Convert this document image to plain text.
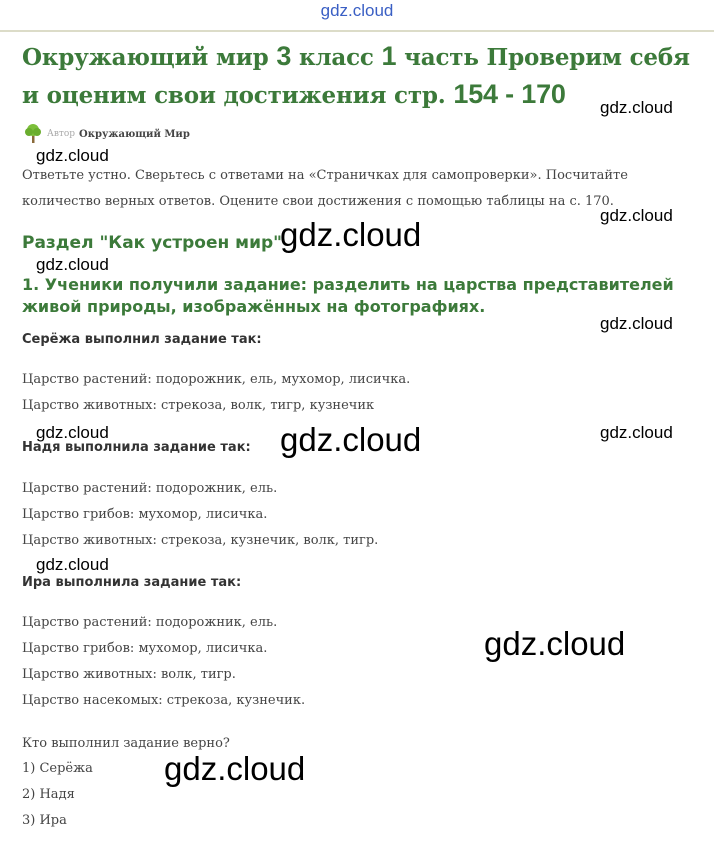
gdz.cloud
Окружающий мир 3 класс 1 часть Проверим себя и оценим свои достижения стр. 154 - 170
Автор Окружающий Мир

Ответьте устно. Сверьтесь с ответами на «Страничках для самопроверки». Посчитайте количество верных ответов. Оцените свои достижения с помощью таблицы на с. 170.

Раздел "Как устроен мир"
1. Ученики получили задание: разделить на царства представителей живой природы, изображённых на фотографиях.

Серёжа выполнил задание так:

Царство растений: подорожник, ель, мухомор, лисичка.

Царство животных: стрекоза, волк, тигр, кузнечик

Надя выполнила задание так:

Царство растений: подорожник, ель.

Царство грибов: мухомор, лисичка.

Царство животных: стрекоза, кузнечик, волк, тигр.

Ира выполнила задание так:

Царство растений: подорожник, ель.

Царство грибов: мухомор, лисичка.

Царство животных: волк, тигр.

Царство насекомых: стрекоза, кузнечик.

Кто выполнил задание верно?

1) Серёжа

2) Надя

3) Ира

gdz.cloud
gdz.cloud
gdz.cloud
gdz.cloud
gdz.cloud
gdz.cloud
gdz.cloud	gdz.cloud	gdz.cloud
gdz.cloud
gdz.cloud
gdz.cloud
